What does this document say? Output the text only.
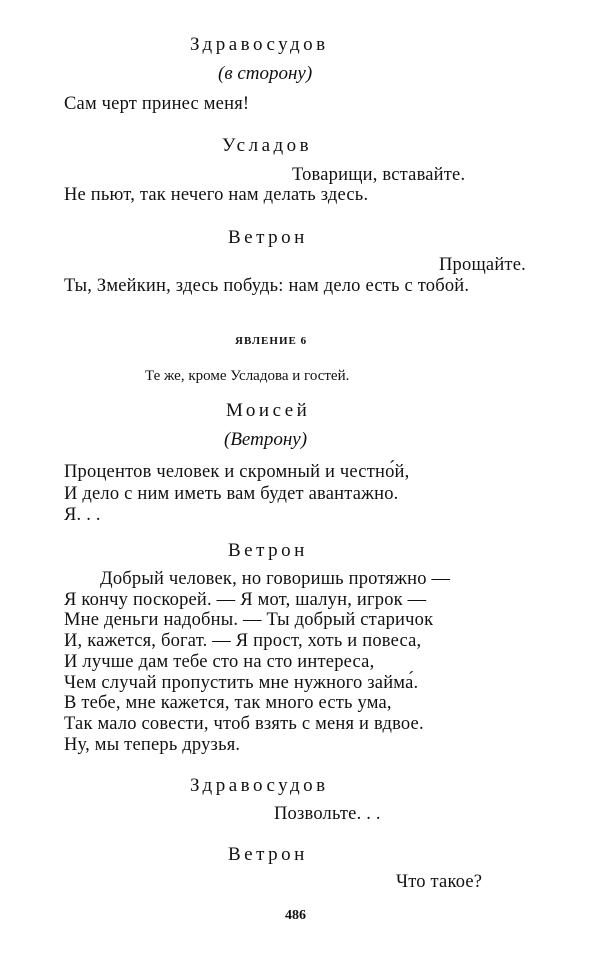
Здравосудов
(в сторону)
Сам черт принес меня!
Усладов
Товарищи, вставайте.
Не пьют, так нечего нам делать здесь.
Ветрон
Прощайте.
Ты, Змейкин, здесь побудь: нам дело есть с тобой.
ЯВЛЕНИЕ 6
Те же, кроме Усладова и гостей.
Моисей
(Ветрону)
Процентов человек и скромный и честно́й,
И дело с ним иметь вам будет авантажно.
Я. . .
Ветрон
Добрый человек, но говоришь протяжно —
Я кончу поскорей. — Я мот, шалун, игрок —
Мне деньги надобны. — Ты добрый старичок
И, кажется, богат. — Я прост, хоть и повеса,
И лучше дам тебе сто на сто интереса,
Чем случай пропустить мне нужного займа́.
В тебе, мне кажется, так много есть ума,
Так мало совести, чтоб взять с меня и вдвое.
Ну, мы теперь друзья.
Здравосудов
Позвольте. . .
Ветрон
Что такое?
486
